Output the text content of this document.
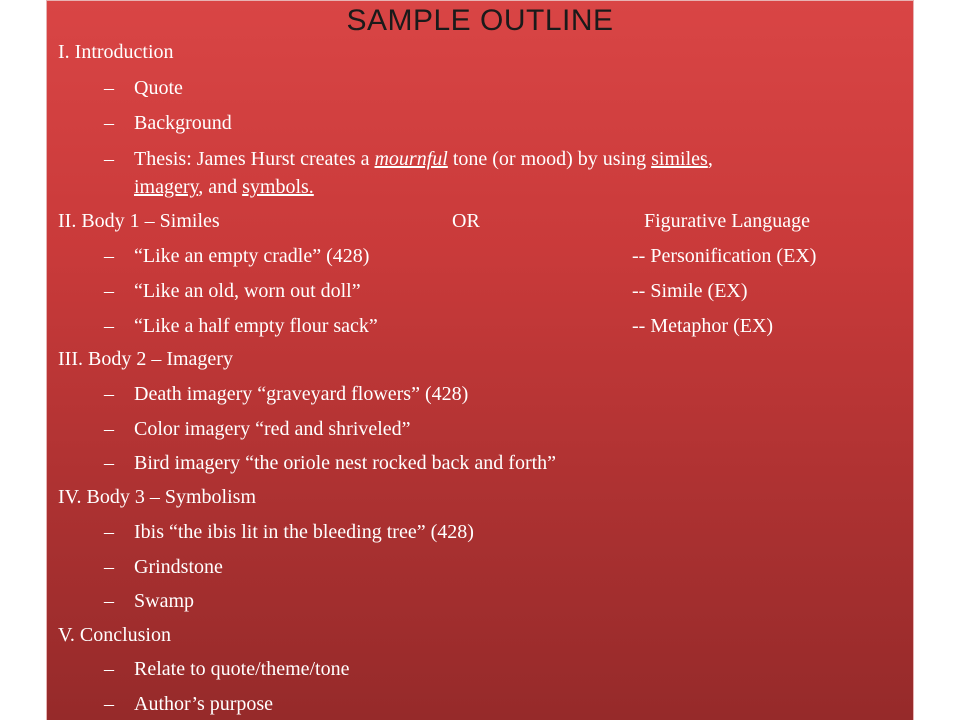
SAMPLE OUTLINE
I. Introduction
– Quote
– Background
– Thesis: James Hurst creates a mournful tone (or mood) by using similes,
imagery, and symbols.
II. Body 1 – Similes	OR	Figurative Language
– “Like an empty cradle” (428)	-- Personification (EX)
– “Like an old, worn out doll”	-- Simile (EX)
– “Like a half empty flour sack”	-- Metaphor (EX)
III. Body 2 – Imagery
– Death imagery “graveyard flowers” (428)
– Color imagery “red and shriveled”
– Bird imagery “the oriole nest rocked back and forth”
IV. Body 3 – Symbolism
– Ibis “the ibis lit in the bleeding tree” (428)
– Grindstone
– Swamp
V. Conclusion
– Relate to quote/theme/tone
– Author’s purpose
